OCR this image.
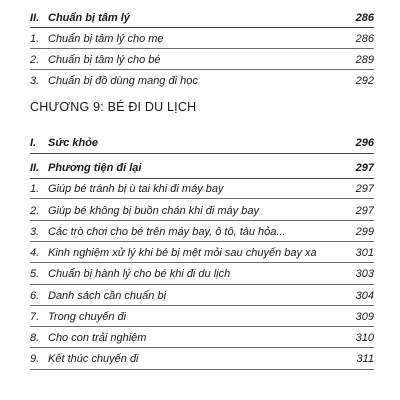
II. Chuẩn bị tâm lý	286
1. Chuẩn bị tâm lý cho mẹ	286
2. Chuẩn bị tâm lý cho bé	289
3. Chuẩn bị đồ dùng mang đi học	292
CHƯƠNG 9: BÉ ĐI DU LỊCH
I. Sức khỏe	296
II. Phương tiện đi lại	297
1. Giúp bé tránh bị ù tai khi đi máy bay	297
2. Giúp bé không bị buồn chán khi đi máy bay	297
3. Các trò chơi cho bé trên máy bay, ô tô, tàu hỏa...	299
4. Kinh nghiệm xử lý khi bé bị mệt mỏi sau chuyến bay xa	301
5. Chuẩn bị hành lý cho bé khi đi du lịch	303
6. Danh sách cần chuẩn bị	304
7. Trong chuyến đi	309
8. Cho con trải nghiệm	310
9. Kết thúc chuyến đi	311
